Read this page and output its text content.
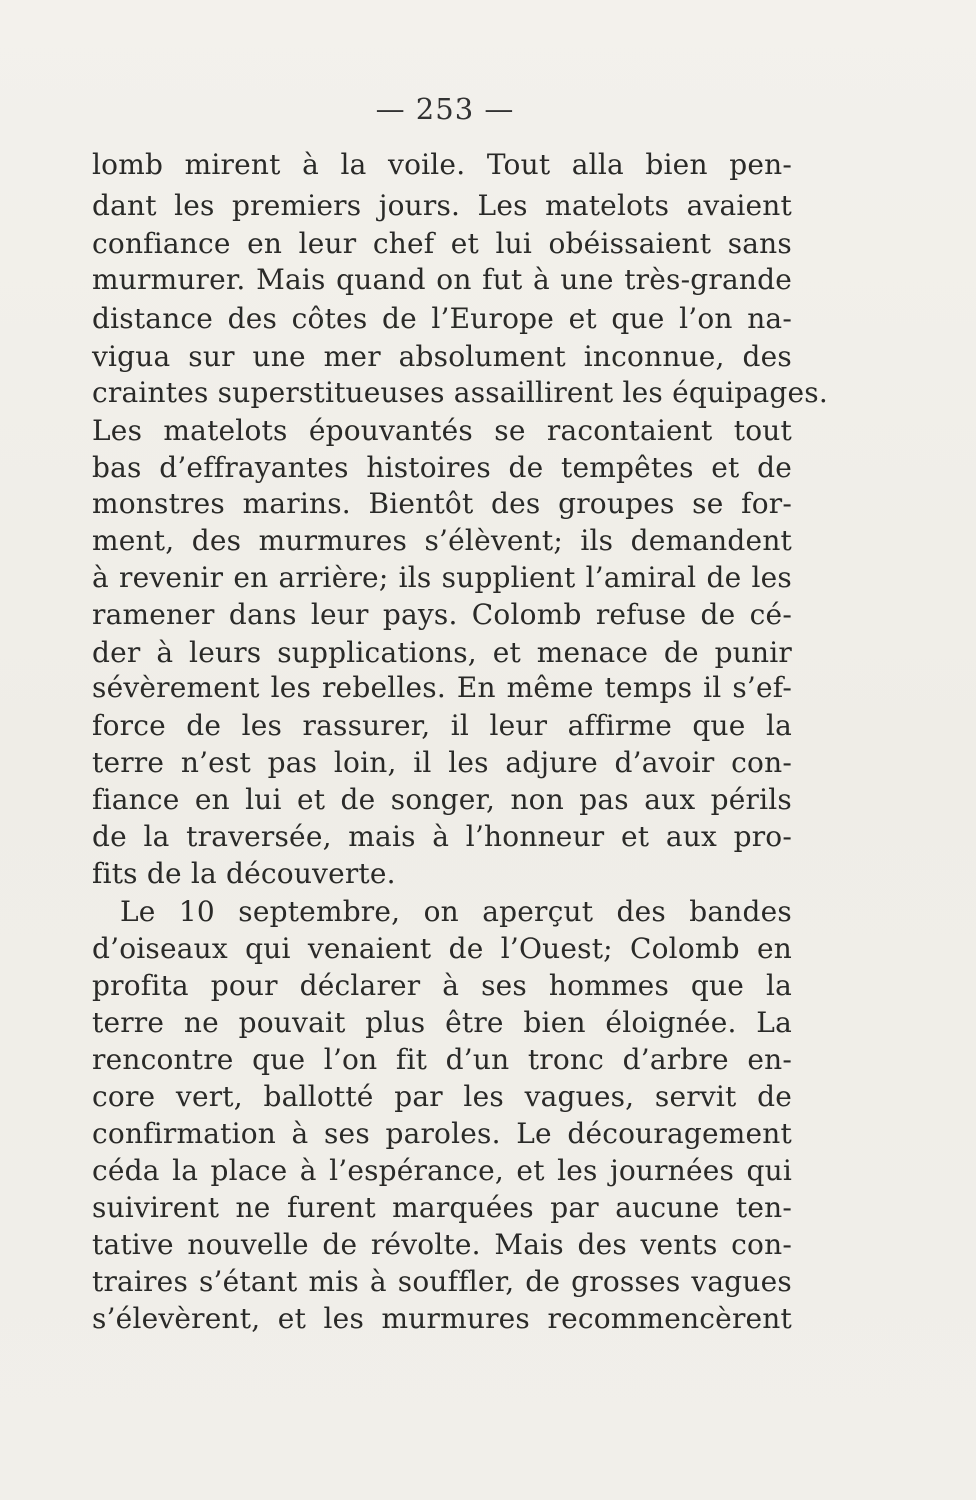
— 253 —
lomb mirent à la voile. Tout alla bien pen-
dant les premiers jours. Les matelots avaient
confiance en leur chef et lui obéissaient sans
murmurer. Mais quand on fut à une très-grande
distance des côtes de l’Europe et que l’on na-
vigua sur une mer absolument inconnue, des
craintes superstitueuses assaillirent les équipages.
Les matelots épouvantés se racontaient tout
bas d’effrayantes histoires de tempêtes et de
monstres marins. Bientôt des groupes se for-
ment, des murmures s’élèvent; ils demandent
à revenir en arrière; ils supplient l’amiral de les
ramener dans leur pays. Colomb refuse de cé-
der à leurs supplications, et menace de punir
sévèrement les rebelles. En même temps il s’ef-
force de les rassurer, il leur affirme que la
terre n’est pas loin, il les adjure d’avoir con-
fiance en lui et de songer, non pas aux périls
de la traversée, mais à l’honneur et aux pro-
fits de la découverte.
Le 10 septembre, on aperçut des bandes
d’oiseaux qui venaient de l’Ouest; Colomb en
profita pour déclarer à ses hommes que la
terre ne pouvait plus être bien éloignée. La
rencontre que l’on fit d’un tronc d’arbre en-
core vert, ballotté par les vagues, servit de
confirmation à ses paroles. Le découragement
céda la place à l’espérance, et les journées qui
suivirent ne furent marquées par aucune ten-
tative nouvelle de révolte. Mais des vents con-
traires s’étant mis à souffler, de grosses vagues
s’élevèrent, et les murmures recommencèrent
